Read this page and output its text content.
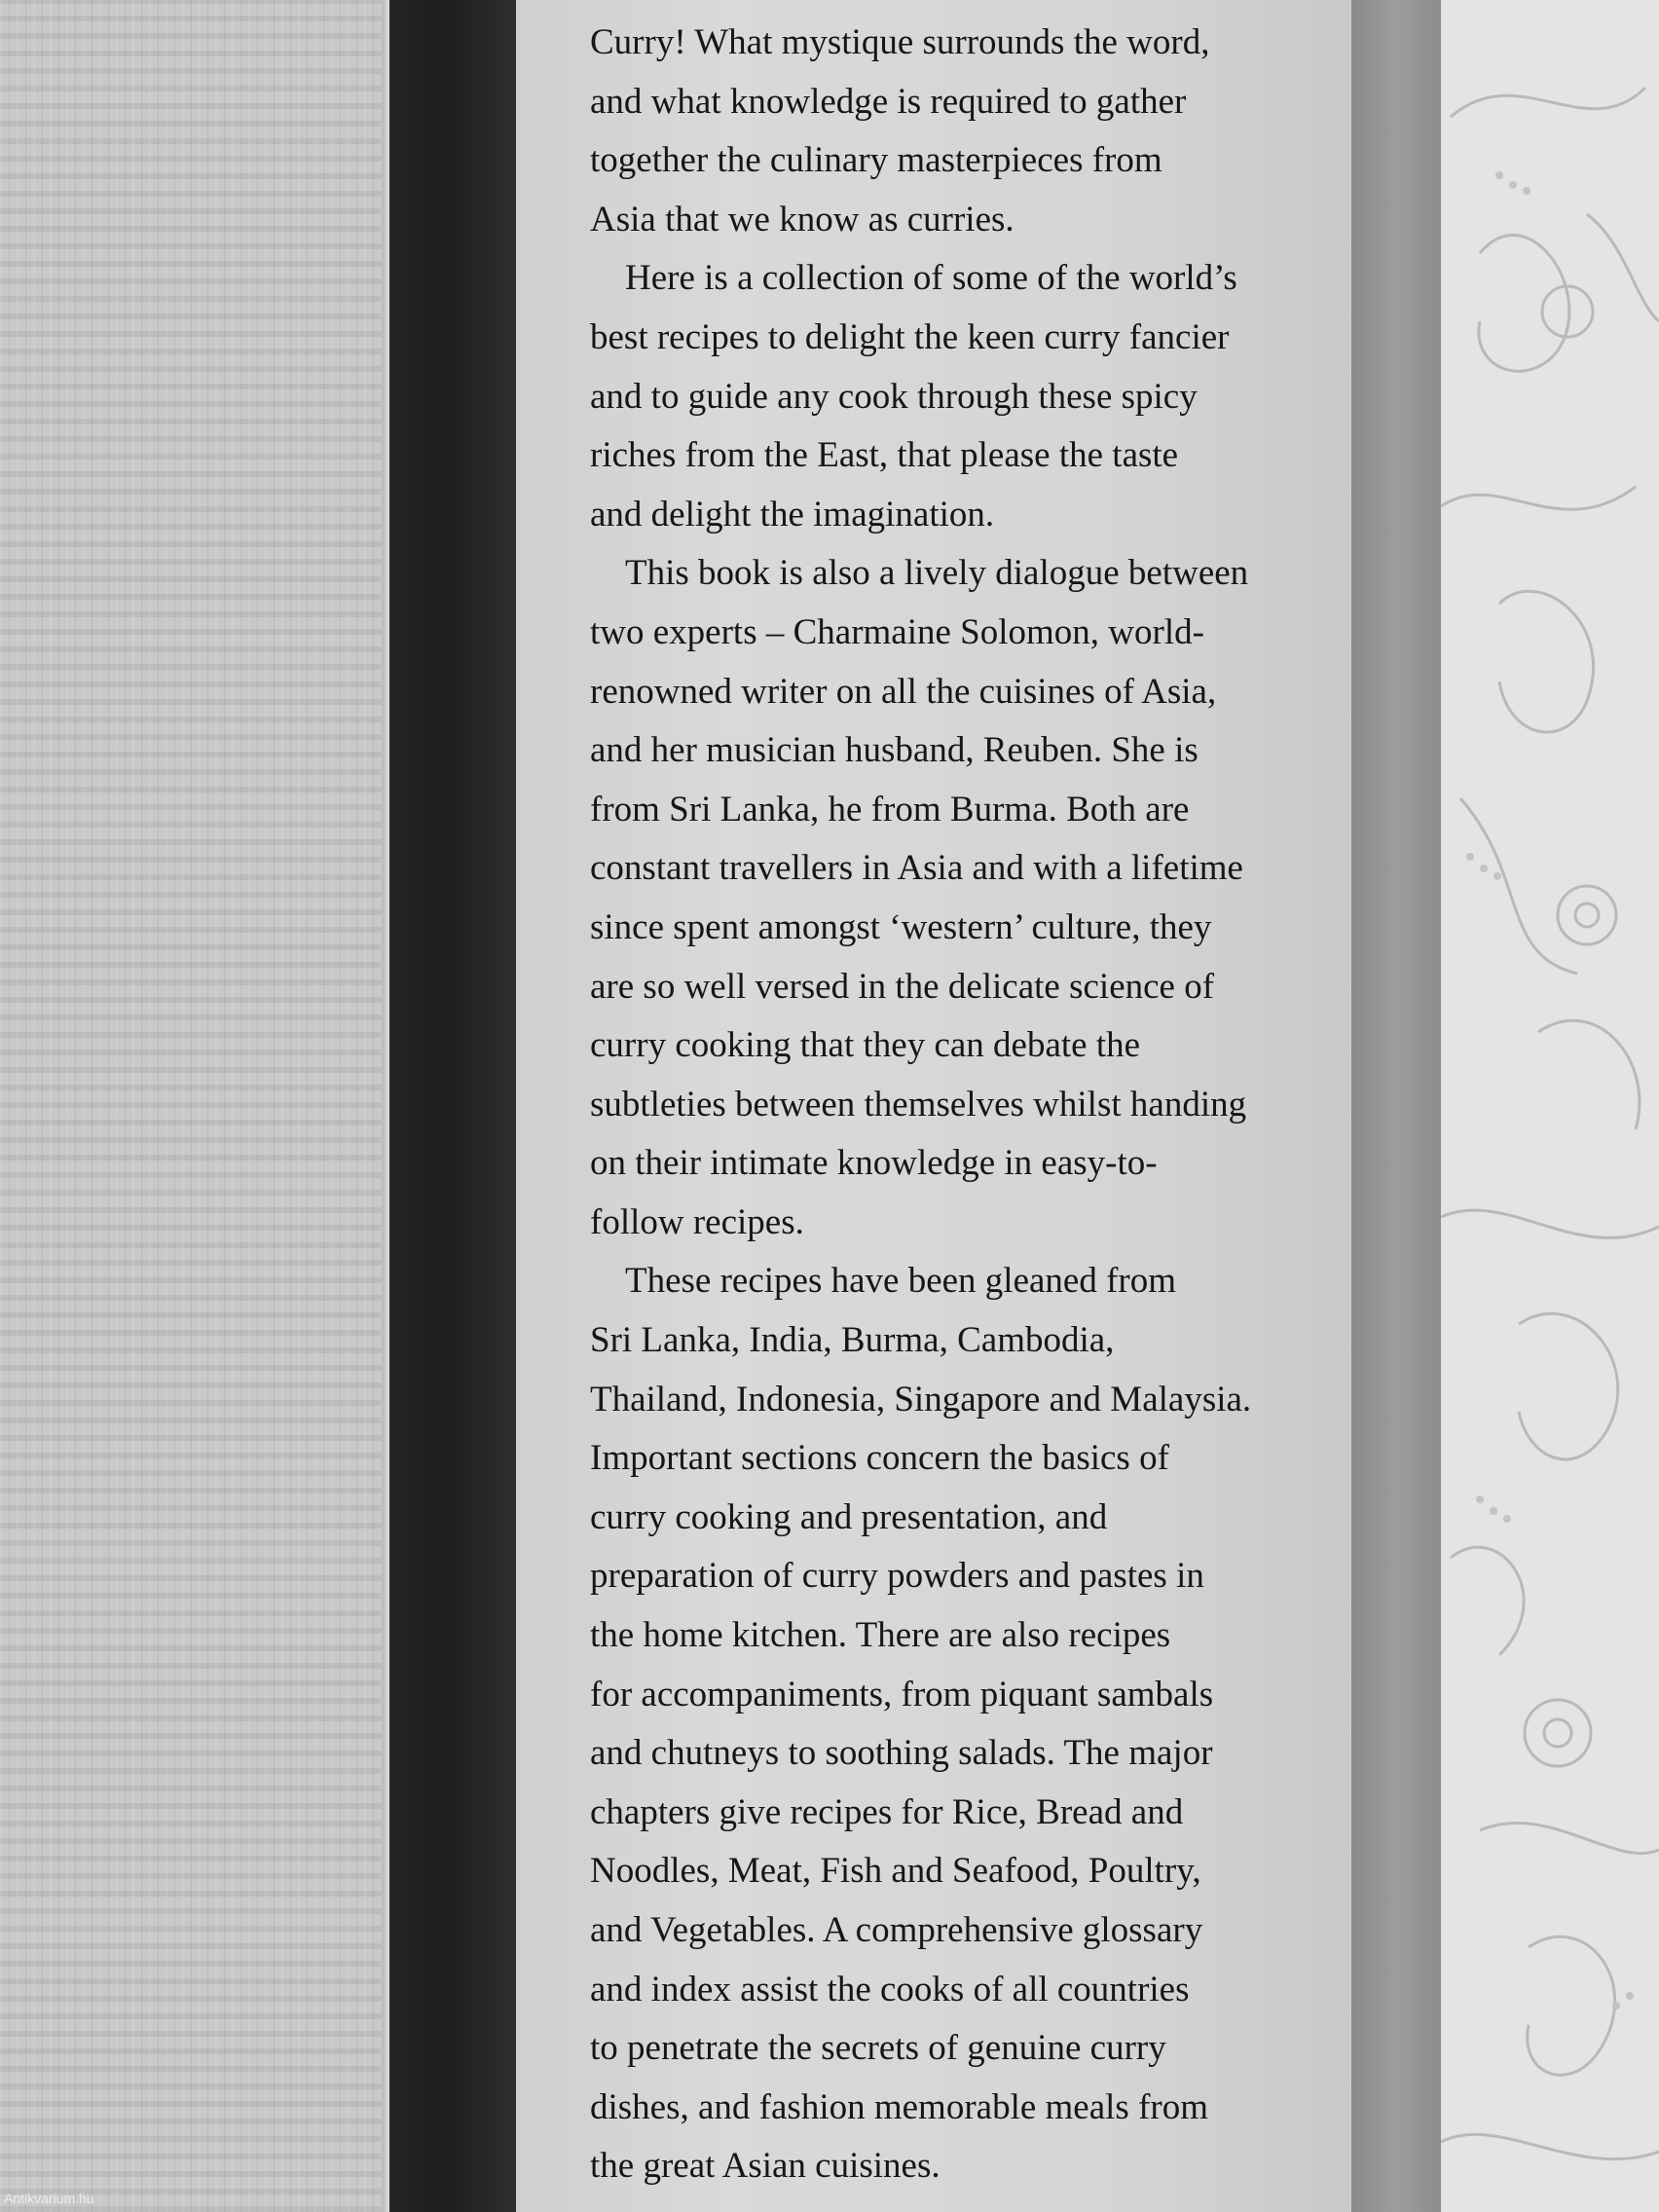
Curry! What mystique surrounds the word,
and what knowledge is required to gather
together the culinary masterpieces from
Asia that we know as curries.
Here is a collection of some of the world’s
best recipes to delight the keen curry fancier
and to guide any cook through these spicy
riches from the East, that please the taste
and delight the imagination.
This book is also a lively dialogue between
two experts – Charmaine Solomon, world-
renowned writer on all the cuisines of Asia,
and her musician husband, Reuben. She is
from Sri Lanka, he from Burma. Both are
constant travellers in Asia and with a lifetime
since spent amongst ‘western’ culture, they
are so well versed in the delicate science of
curry cooking that they can debate the
subtleties between themselves whilst handing
on their intimate knowledge in easy-to-
follow recipes.
These recipes have been gleaned from
Sri Lanka, India, Burma, Cambodia,
Thailand, Indonesia, Singapore and Malaysia.
Important sections concern the basics of
curry cooking and presentation, and
preparation of curry powders and pastes in
the home kitchen. There are also recipes
for accompaniments, from piquant sambals
and chutneys to soothing salads. The major
chapters give recipes for Rice, Bread and
Noodles, Meat, Fish and Seafood, Poultry,
and Vegetables. A comprehensive glossary
and index assist the cooks of all countries
to penetrate the secrets of genuine curry
dishes, and fashion memorable meals from
the great Asian cuisines.
Antikvarium.hu
